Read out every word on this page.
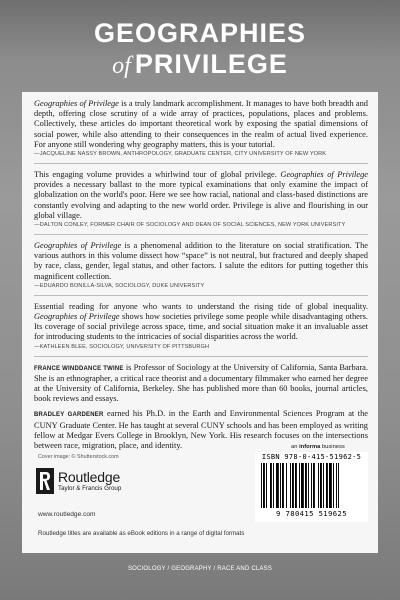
GEOGRAPHIES
of PRIVILEGE

Geographies of Privilege is a truly landmark accomplishment. It manages to have both breadth and depth, offering close scrutiny of a wide array of practices, populations, places and problems. Collectively, these articles do important theoretical work by exposing the spatial dimensions of social power, while also attending to their consequences in the realm of actual lived experience. For anyone still wondering why geography matters, this is your tutorial.

—JACQUELINE NASSY BROWN, ANTHROPOLOGY, GRADUATE CENTER, CITY UNIVERSITY OF NEW YORK

This engaging volume provides a whirlwind tour of global privilege. Geographies of Privilege provides a necessary ballast to the more typical examinations that only examine the impact of globalization on the world's poor. Here we see how racial, national and class-based distinctions are constantly evolving and adapting to the new world order. Privilege is alive and flourishing in our global village.

—DALTON CONLEY, FORMER CHAIR OF SOCIOLOGY AND DEAN OF SOCIAL SCIENCES, NEW YORK UNIVERSITY

Geographies of Privilege is a phenomenal addition to the literature on social stratification. The various authors in this volume dissect how “space” is not neutral, but fractured and deeply shaped by race, class, gender, legal status, and other factors. I salute the editors for putting together this magnificent collection.

—EDUARDO BONILLA-SILVA, SOCIOLOGY, DUKE UNIVERSITY

Essential reading for anyone who wants to understand the rising tide of global inequality. Geographies of Privilege shows how societies privilege some people while disadvantaging others. Its coverage of social privilege across space, time, and social situation make it an invaluable asset for introducing students to the intricacies of social disparities across the world.

—KATHLEEN BLEE, SOCIOLOGY, UNIVERSITY OF PITTSBURGH

FRANCE WINDDANCE TWINE is Professor of Sociology at the University of California, Santa Barbara. She is an ethnographer, a critical race theorist and a documentary filmmaker who earned her degree at the University of California, Berkeley. She has published more than 60 books, journal articles, book reviews and essays.

BRADLEY GARDENER earned his Ph.D. in the Earth and Environmental Sciences Program at the CUNY Graduate Center. He has taught at several CUNY schools and has been employed as writing fellow at Medgar Evers College in Brooklyn, New York. His research focuses on the intersections between race, migration, place, and identity.

Cover image: © Shutterstock.com
Routledge
Taylor & Francis Group
www.routledge.com
an informa business
ISBN 978-0-415-51962-5
9 780415 519625
Routledge titles are available as eBook editions in a range of digital formats
SOCIOLOGY / GEOGRAPHY / RACE AND CLASS
